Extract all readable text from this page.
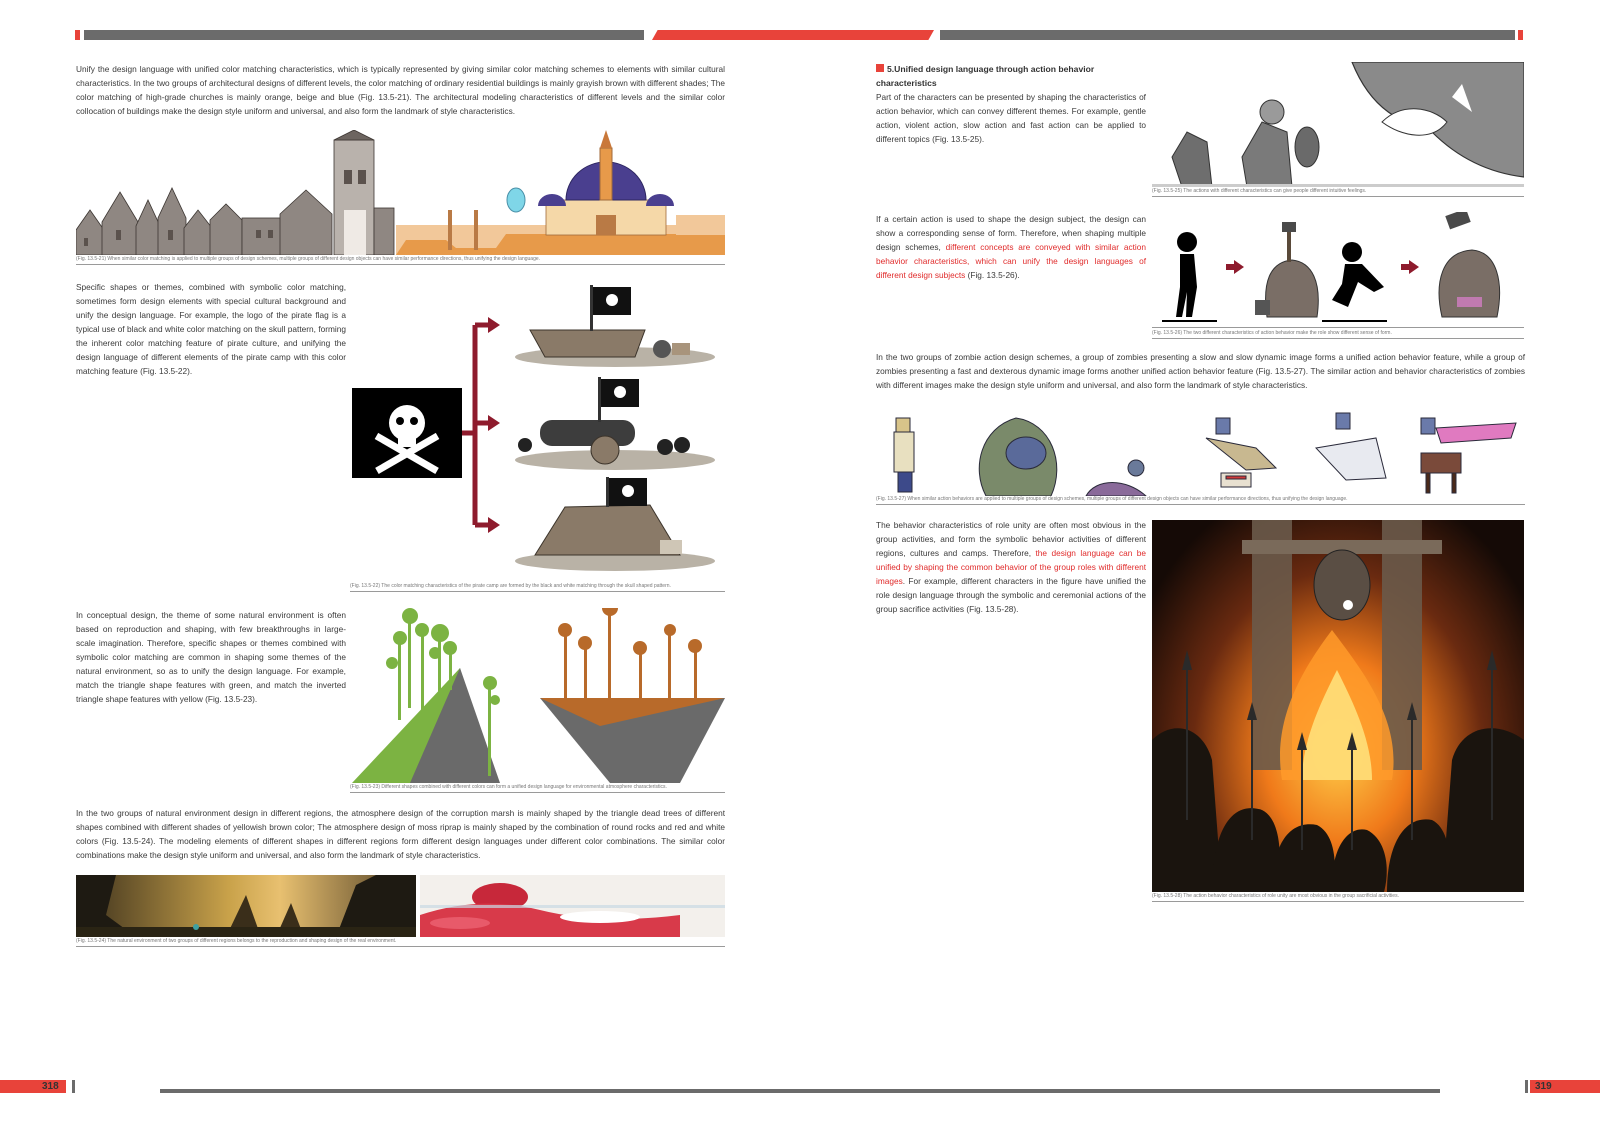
Unify the design language with unified color matching characteristics, which is typically represented by giving similar color matching schemes to elements with similar cultural characteristics. In the two groups of architectural designs of different levels, the color matching of ordinary residential buildings is mainly grayish brown with different shades; The color matching of high-grade churches is mainly orange, beige and blue (Fig. 13.5-21). The architectural modeling characteristics of different levels and the similar color collocation of buildings make the design style uniform and universal, and also form the landmark of style characteristics.
(Fig. 13.5-21) When similar color matching is applied to multiple groups of design schemes, multiple groups of different design objects can have similar performance directions, thus unifying the design language.
Specific shapes or themes, combined with symbolic color matching, sometimes form design elements with special cultural background and unify the design language. For example, the logo of the pirate flag is a typical use of black and white color matching on the skull pattern, forming the inherent color matching feature of pirate culture, and unifying the design language of different elements of the pirate camp with this color matching feature (Fig. 13.5-22).
(Fig. 13.5-22) The color matching characteristics of the pirate camp are formed by the black and white matching through the skull shaped pattern.
In conceptual design, the theme of some natural environment is often based on reproduction and shaping, with few breakthroughs in large-scale imagination. Therefore, specific shapes or themes combined with symbolic color matching are common in shaping some themes of the natural environment, so as to unify the design language. For example, match the triangle shape features with green, and match the inverted triangle shape features with yellow (Fig. 13.5-23).
(Fig. 13.5-23) Different shapes combined with different colors can form a unified design language for environmental atmosphere characteristics.
In the two groups of natural environment design in different regions, the atmosphere design of the corruption marsh is mainly shaped by the triangle dead trees of different shapes combined with different shades of yellowish brown color; The atmosphere design of moss riprap is mainly shaped by the combination of round rocks and red and white colors (Fig. 13.5-24). The modeling elements of different shapes in different regions form different design languages under different color combinations. The similar color combinations make the design style uniform and universal, and also form the landmark of style characteristics.
(Fig. 13.5-24) The natural environment of two groups of different regions belongs to the reproduction and shaping design of the real environment.
5.Unified design language through action behavior characteristics
Part of the characters can be presented by shaping the characteristics of action behavior, which can convey different themes. For example, gentle action, violent action, slow action and fast action can be applied to different topics (Fig. 13.5-25).
(Fig. 13.5-25) The actions with different characteristics can give people different intuitive feelings.
If a certain action is used to shape the design subject, the design can show a corresponding sense of form. Therefore, when shaping multiple design schemes, different concepts are conveyed with similar action behavior characteristics, which can unify the design languages of different design subjects (Fig. 13.5-26).
(Fig. 13.5-26) The two different characteristics of action behavior make the role show different sense of form.
In the two groups of zombie action design schemes, a group of zombies presenting a slow and slow dynamic image forms a unified action behavior feature, while a group of zombies presenting a fast and dexterous dynamic image forms another unified action behavior feature (Fig. 13.5-27). The similar action and behavior characteristics of zombies with different images make the design style uniform and universal, and also form the landmark of style characteristics.
(Fig. 13.5-27) When similar action behaviors are applied to multiple groups of design schemes, multiple groups of different design objects can have similar performance directions, thus unifying the design language.
The behavior characteristics of role unity are often most obvious in the group activities, and form the symbolic behavior activities of different regions, cultures and camps. Therefore, the design language can be unified by shaping the common behavior of the group roles with different images. For example, different characters in the figure have unified the role design language through the symbolic and ceremonial actions of the group sacrifice activities (Fig. 13.5-28).
(Fig. 13.5-28) The action behavior characteristics of role unity are most obvious in the group sacrificial activities.
318	319
